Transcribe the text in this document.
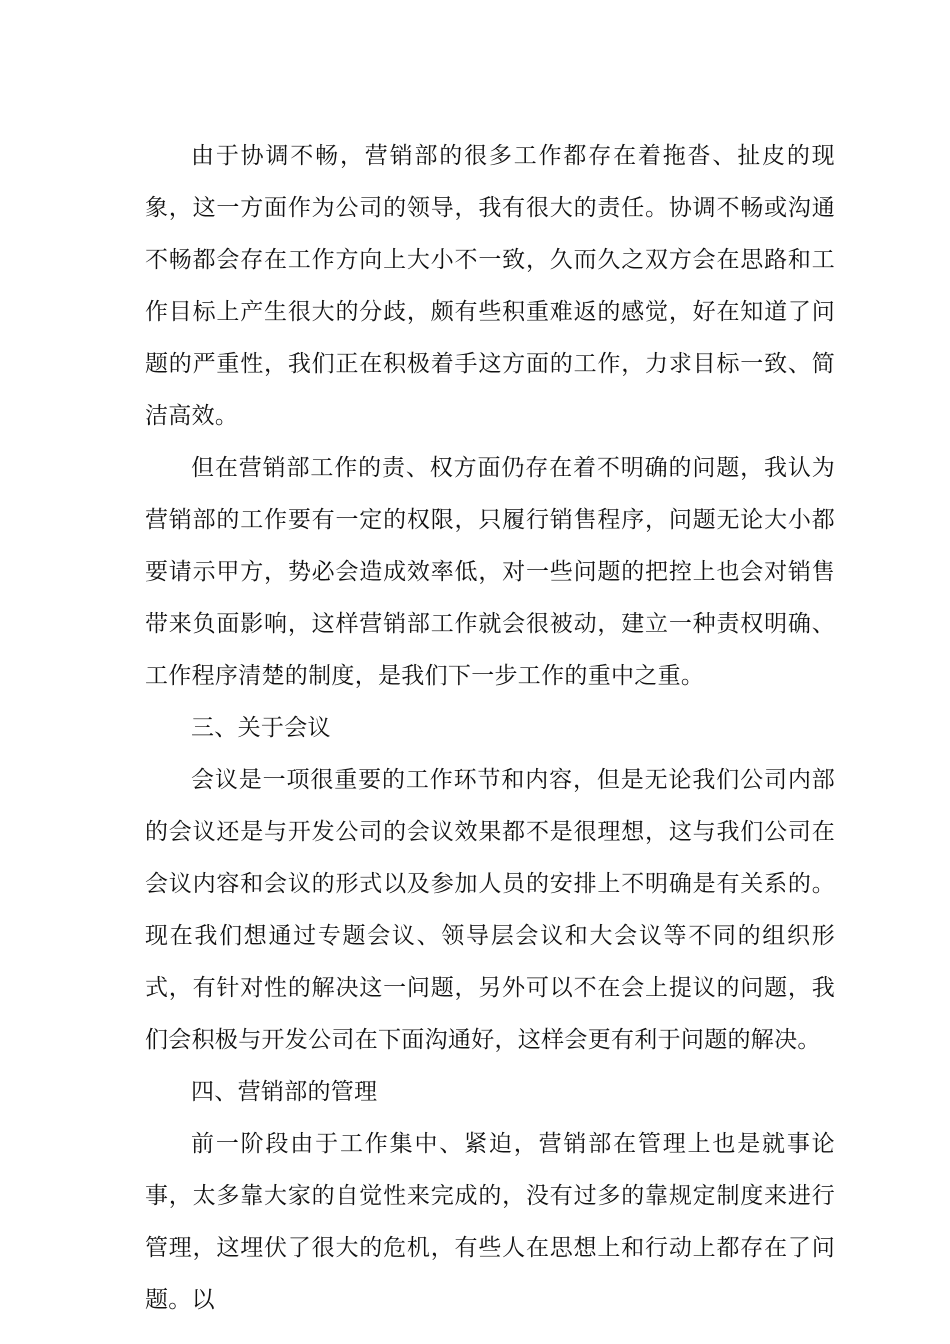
由于协调不畅，营销部的很多工作都存在着拖沓、扯皮的现象，这一方面作为公司的领导，我有很大的责任。协调不畅或沟通不畅都会存在工作方向上大小不一致，久而久之双方会在思路和工作目标上产生很大的分歧，颇有些积重难返的感觉，好在知道了问题的严重性，我们正在积极着手这方面的工作，力求目标一致、简洁高效。

但在营销部工作的责、权方面仍存在着不明确的问题，我认为营销部的工作要有一定的权限，只履行销售程序，问题无论大小都要请示甲方，势必会造成效率低，对一些问题的把控上也会对销售带来负面影响，这样营销部工作就会很被动，建立一种责权明确、工作程序清楚的制度，是我们下一步工作的重中之重。

三、关于会议

会议是一项很重要的工作环节和内容，但是无论我们公司内部的会议还是与开发公司的会议效果都不是很理想，这与我们公司在会议内容和会议的形式以及参加人员的安排上不明确是有关系的。现在我们想通过专题会议、领导层会议和大会议等不同的组织形式，有针对性的解决这一问题，另外可以不在会上提议的问题，我们会积极与开发公司在下面沟通好，这样会更有利于问题的解决。

四、营销部的管理

前一阶段由于工作集中、紧迫，营销部在管理上也是就事论事，太多靠大家的自觉性来完成的，没有过多的靠规定制度来进行管理，这埋伏了很大的危机，有些人在思想上和行动上都存在了问题。以
